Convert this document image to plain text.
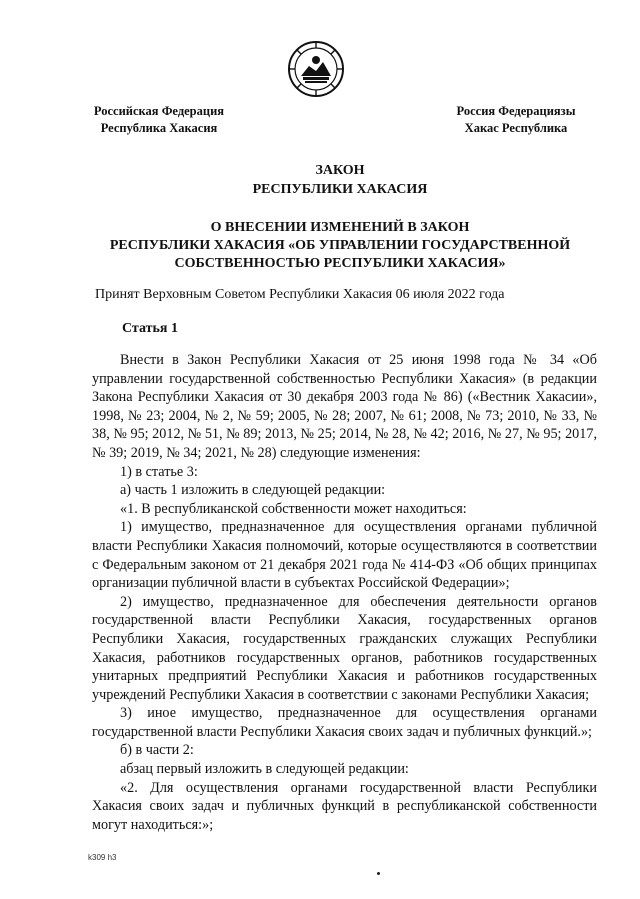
Российская Федерация
Республика Хакасия
Россия Федерациязы
Хакас Республика
ЗАКОН
РЕСПУБЛИКИ ХАКАСИЯ
О ВНЕСЕНИИ ИЗМЕНЕНИЙ В ЗАКОН
РЕСПУБЛИКИ ХАКАСИЯ «ОБ УПРАВЛЕНИИ ГОСУДАРСТВЕННОЙ
СОБСТВЕННОСТЬЮ РЕСПУБЛИКИ ХАКАСИЯ»
Принят Верховным Советом Республики Хакасия 06 июля 2022 года
Статья 1

Внести в Закон Республики Хакасия от 25 июня 1998 года № 34 «Об управлении государственной собственностью Республики Хакасия» (в редакции Закона Республики Хакасия от 30 декабря 2003 года № 86) («Вестник Хакасии», 1998, № 23; 2004, № 2, № 59; 2005, № 28; 2007, № 61; 2008, № 73; 2010, № 33, № 38, № 95; 2012, № 51, № 89; 2013, № 25; 2014, № 28, № 42; 2016, № 27, № 95; 2017, № 39; 2019, № 34; 2021, № 28) следующие изменения:

1) в статье 3:

а) часть 1 изложить в следующей редакции:

«1. В республиканской собственности может находиться:

1) имущество, предназначенное для осуществления органами публичной власти Республики Хакасия полномочий, которые осуществляются в соответствии с Федеральным законом от 21 декабря 2021 года № 414-ФЗ «Об общих принципах организации публичной власти в субъектах Российской Федерации»;

2) имущество, предназначенное для обеспечения деятельности органов государственной власти Республики Хакасия, государственных органов Республики Хакасия, государственных гражданских служащих Республики Хакасия, работников государственных органов, работников государственных унитарных предприятий Республики Хакасия и работников государственных учреждений Республики Хакасия в соответствии с законами Республики Хакасия;

3) иное имущество, предназначенное для осуществления органами государственной власти Республики Хакасия своих задач и публичных функций.»;

б) в части 2:

абзац первый изложить в следующей редакции:

«2. Для осуществления органами государственной власти Республики Хакасия своих задач и публичных функций в республиканской собственности могут находиться:»;

k309 h3
